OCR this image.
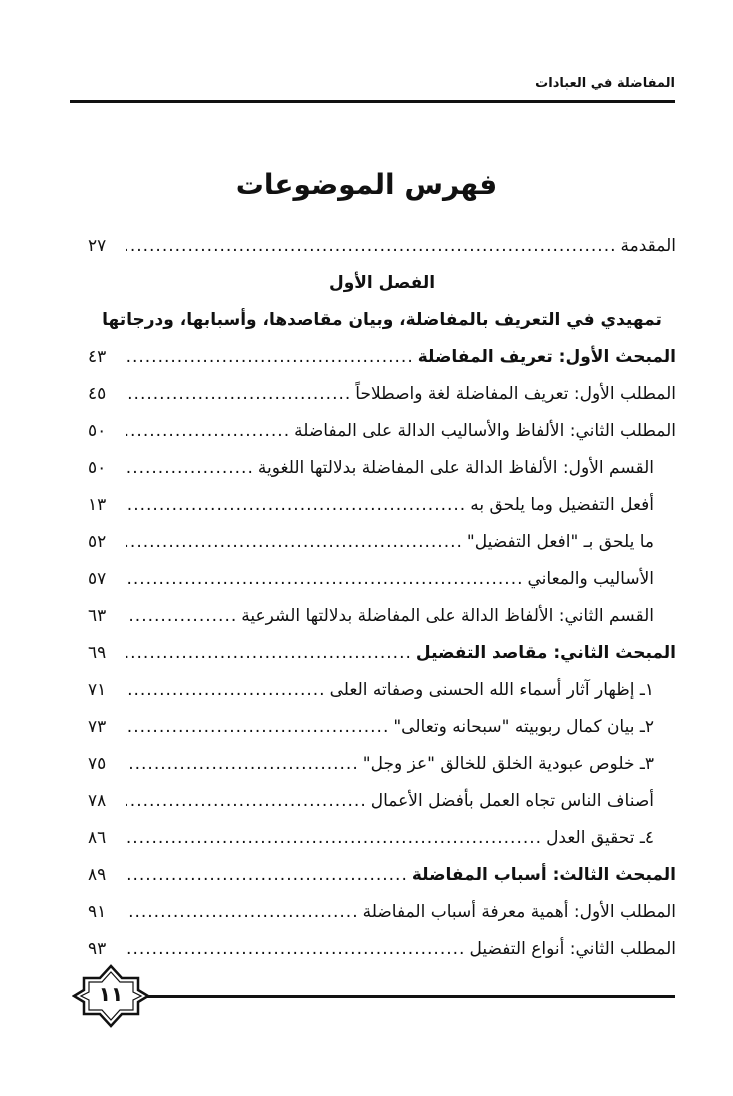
المفاضلة في العبادات
فهرس الموضوعات
المقدمة
.....
٢٧
الفصل الأول
تمهيدي في التعريف بالمفاضلة، وبيان مقاصدها، وأسبابها، ودرجاتها
المبحث الأول: تعريف المفاضلة
.....
٤٣
المطلب الأول: تعريف المفاضلة لغة واصطلاحاً
.....
٤٥
المطلب الثاني: الألفاظ والأساليب الدالة على المفاضلة
.....
٥٠
القسم الأول: الألفاظ الدالة على المفاضلة بدلالتها اللغوية
.....
٥٠
أفعل التفضيل وما يلحق به
.....
١٣
ما يلحق بـ "افعل التفضيل"
.....
٥٢
الأساليب والمعاني
.....
٥٧
القسم الثاني: الألفاظ الدالة على المفاضلة بدلالتها الشرعية
.....
٦٣
المبحث الثاني: مقاصد التفضيل
.....
٦٩
١ـ إظهار آثار أسماء الله الحسنى وصفاته العلى
.....
٧١
٢ـ بيان كمال ربوبيته "سبحانه وتعالى"
.....
٧٣
٣ـ خلوص عبودية الخلق للخالق "عز وجل"
.....
٧٥
أصناف الناس تجاه العمل بأفضل الأعمال
.....
٧٨
٤ـ تحقيق العدل
.....
٨٦
المبحث الثالث: أسباب المفاضلة
.....
٨٩
المطلب الأول: أهمية معرفة أسباب المفاضلة
.....
٩١
المطلب الثاني: أنواع التفضيل
.....
٩٣
١١
